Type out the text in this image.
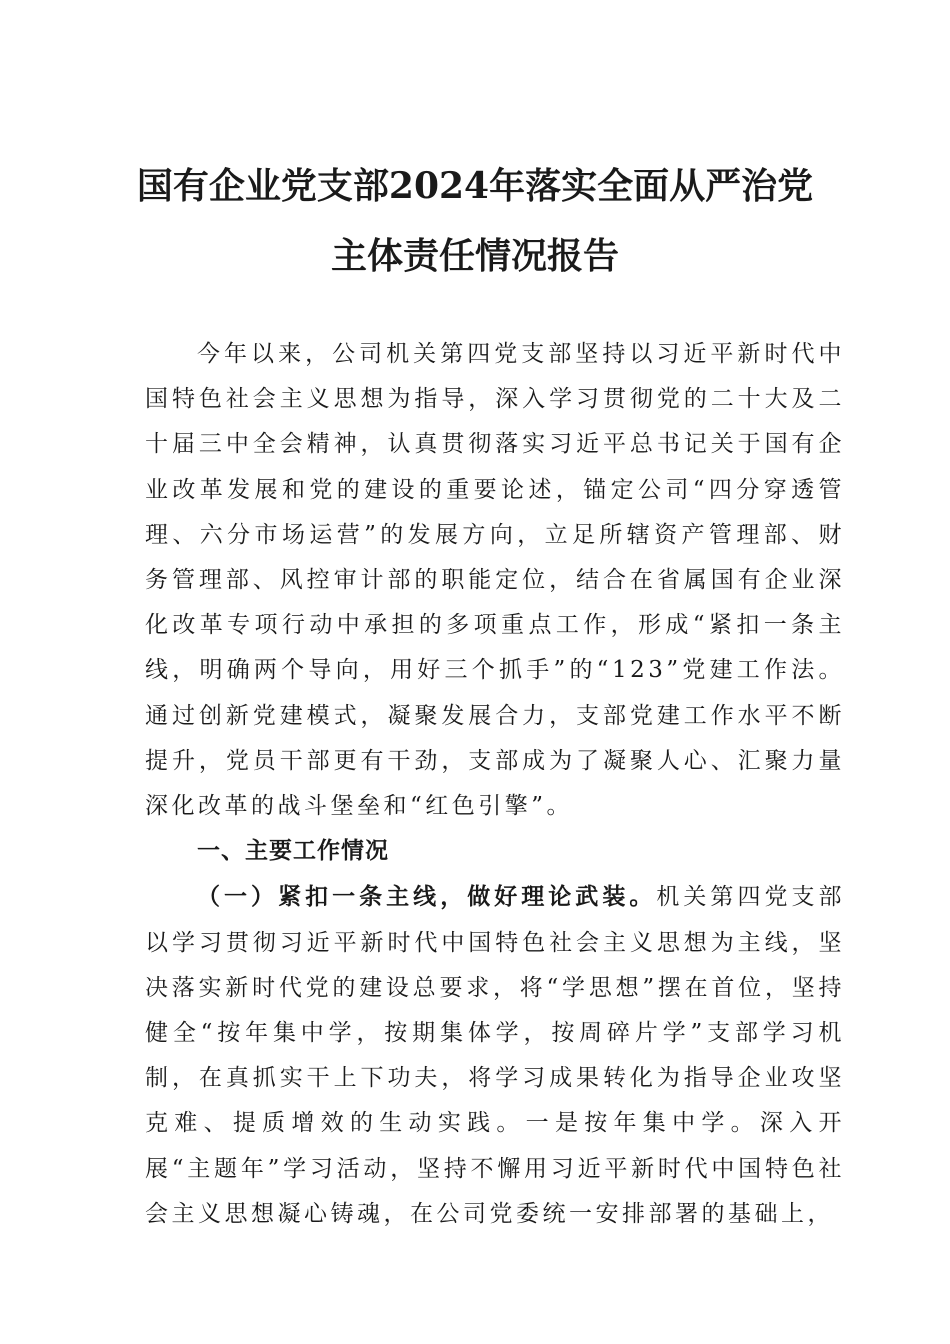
国有企业党支部2024年落实全面从严治党
主体责任情况报告

今年以来，公司机关第四党支部坚持以习近平新时代中国特色社会主义思想为指导，深入学习贯彻党的二十大及二十届三中全会精神，认真贯彻落实习近平总书记关于国有企业改革发展和党的建设的重要论述，锚定公司“四分穿透管理、六分市场运营”的发展方向，立足所辖资产管理部、财务管理部、风控审计部的职能定位，结合在省属国有企业深化改革专项行动中承担的多项重点工作，形成“紧扣一条主线，明确两个导向，用好三个抓手”的“123”党建工作法。通过创新党建模式，凝聚发展合力，支部党建工作水平不断提升，党员干部更有干劲，支部成为了凝聚人心、汇聚力量深化改革的战斗堡垒和“红色引擎”。

一、主要工作情况

（一）紧扣一条主线，做好理论武装。机关第四党支部以学习贯彻习近平新时代中国特色社会主义思想为主线，坚决落实新时代党的建设总要求，将“学思想”摆在首位，坚持健全“按年集中学，按期集体学，按周碎片学”支部学习机制，在真抓实干上下功夫，将学习成果转化为指导企业攻坚克难、提质增效的生动实践。一是按年集中学。深入开展“主题年”学习活动，坚持不懈用习近平新时代中国特色社会主义思想凝心铸魂，在公司党委统一安排部署的基础上，
